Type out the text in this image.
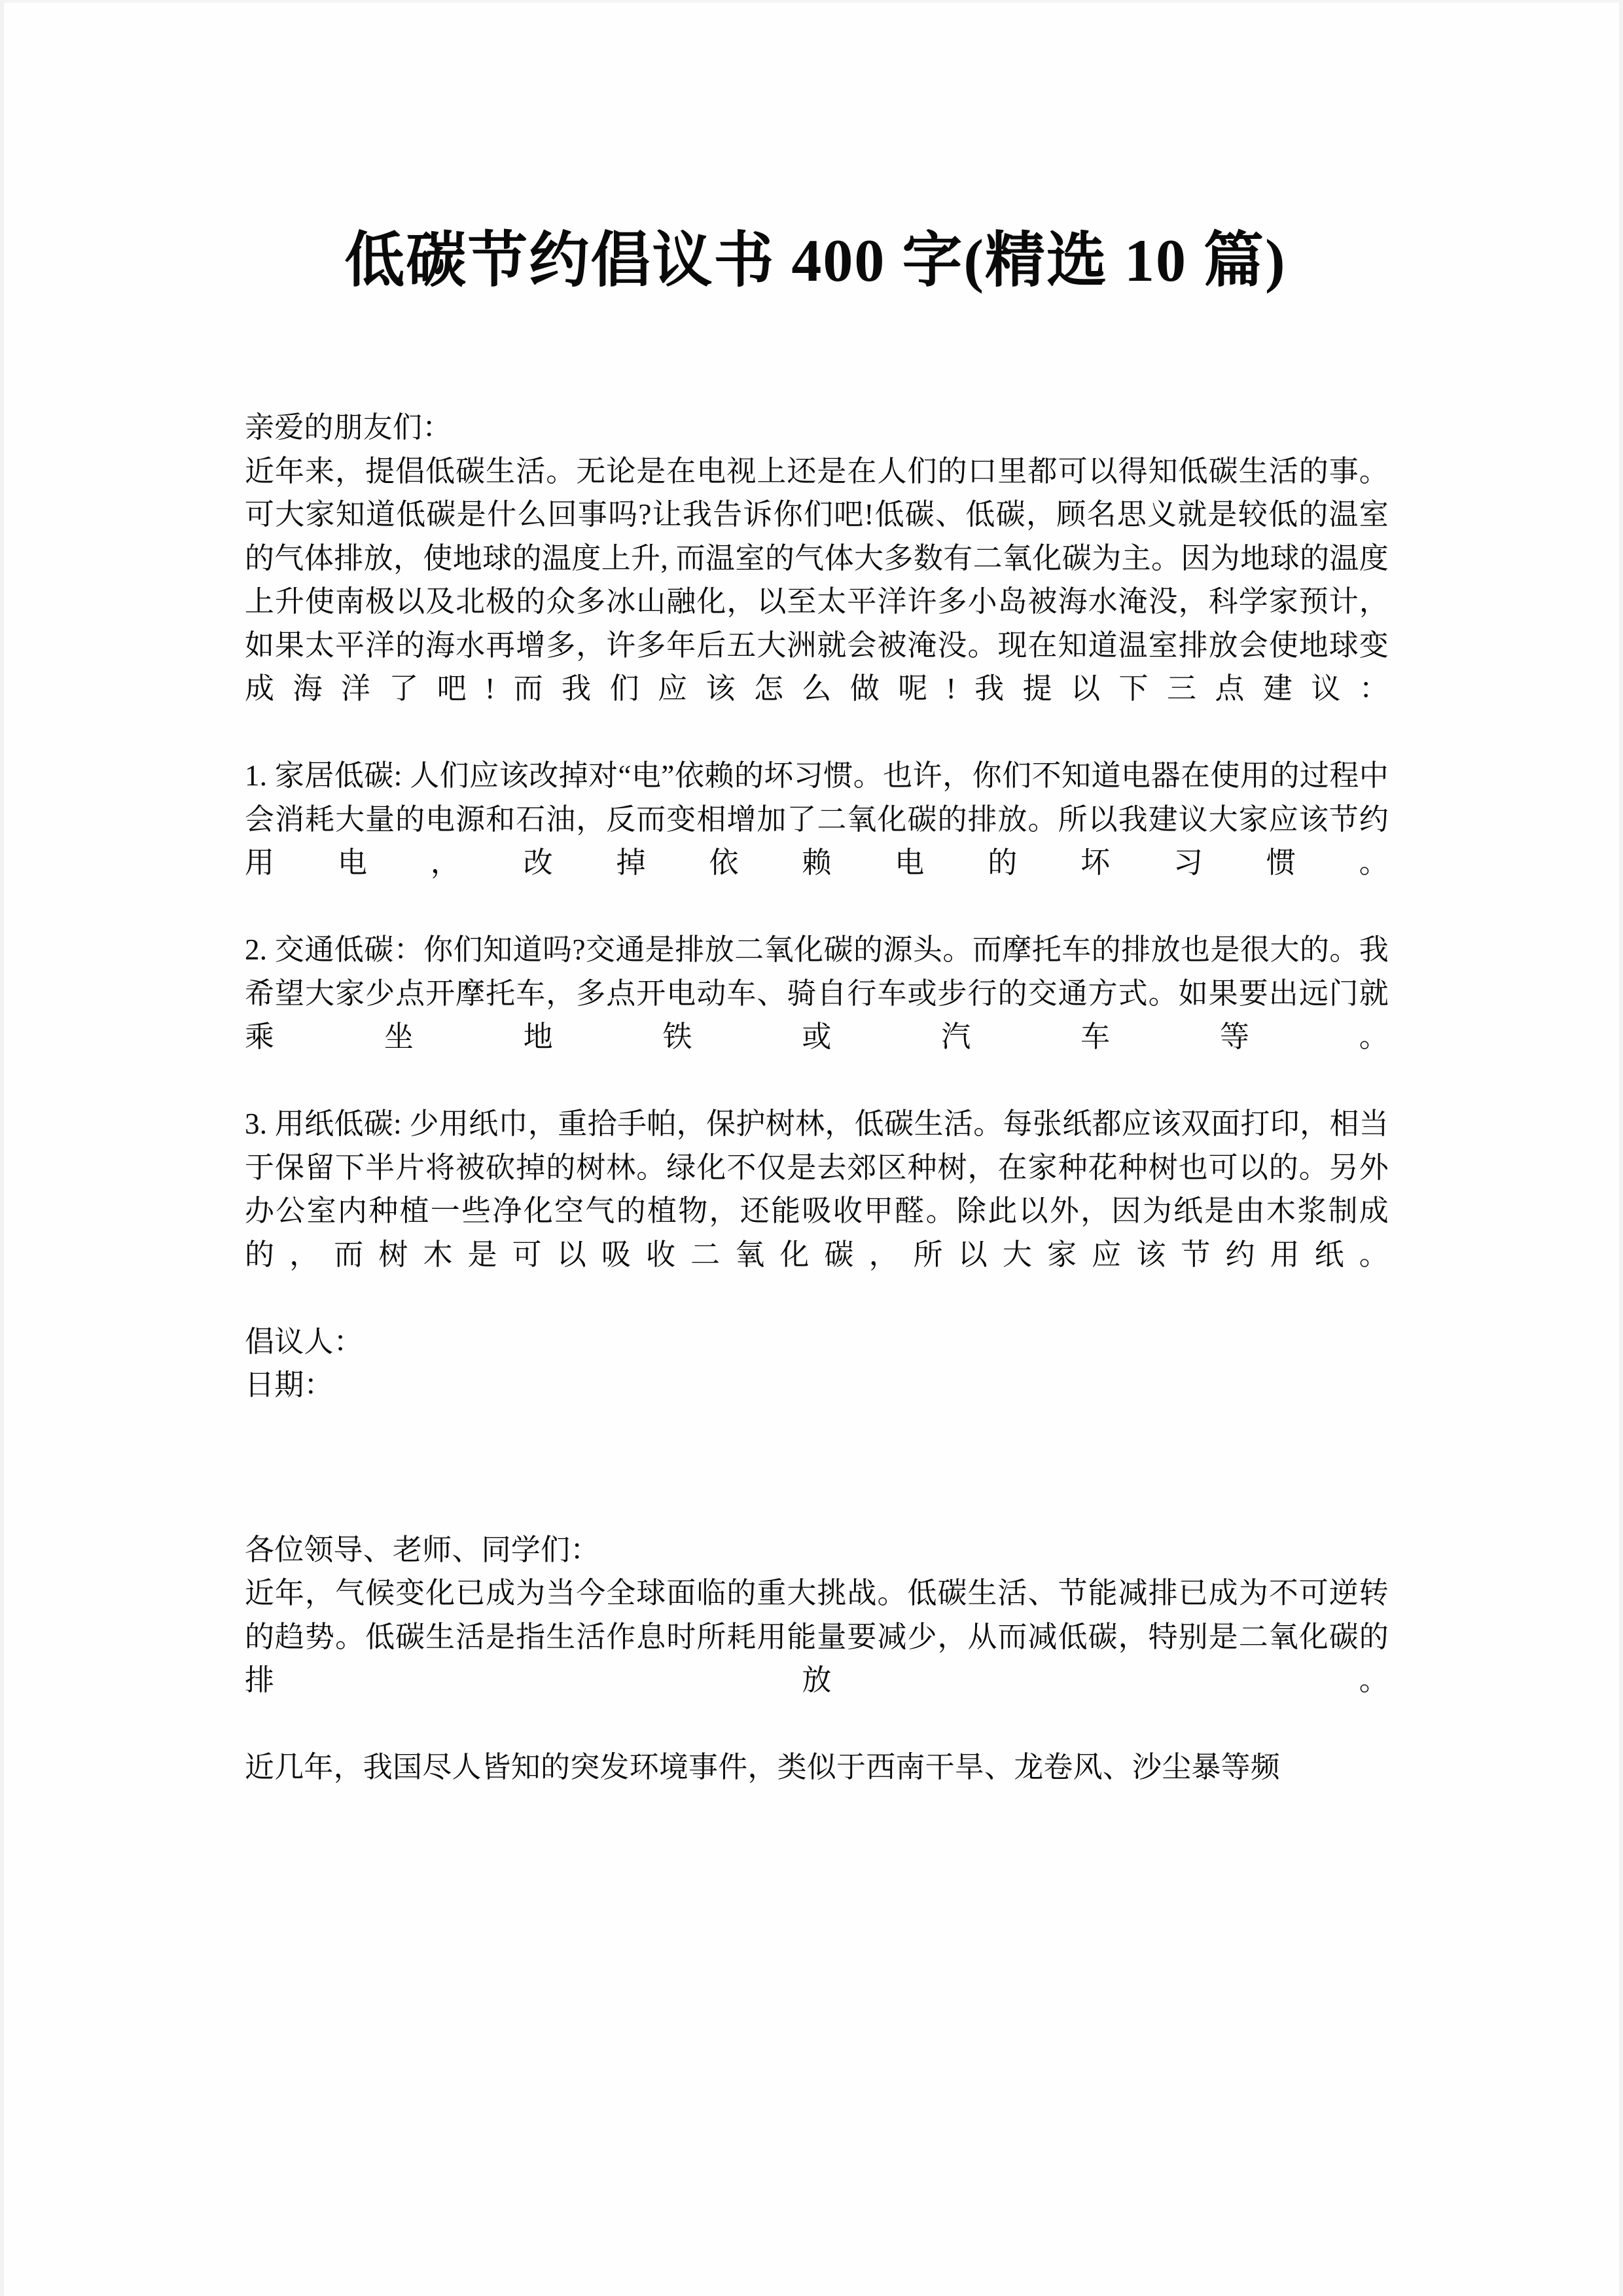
低碳节约倡议书 400 字(精选 10 篇)
亲爱的朋友们：
近年来，提倡低碳生活。无论是在电视上还是在人们的口里都可以得知低碳生活的事。可大家知道低碳是什么回事吗?让我告诉你们吧!低碳、低碳，顾名思义就是较低的温室的气体排放，使地球的温度上升, 而温室的气体大多数有二氧化碳为主。因为地球的温度上升使南极以及北极的众多冰山融化，以至太平洋许多小岛被海水淹没，科学家预计，如果太平洋的海水再增多，许多年后五大洲就会被淹没。现在知道温室排放会使地球变成海洋了吧!而我们应该怎么做呢!我提以下三点建议：
1. 家居低碳: 人们应该改掉对“电”依赖的坏习惯。也许，你们不知道电器在使用的过程中会消耗大量的电源和石油，反而变相增加了二氧化碳的排放。所以我建议大家应该节约用电，改掉依赖电的坏习惯。
2. 交通低碳：你们知道吗?交通是排放二氧化碳的源头。而摩托车的排放也是很大的。我希望大家少点开摩托车，多点开电动车、骑自行车或步行的交通方式。如果要出远门就乘坐地铁或汽车等。
3. 用纸低碳: 少用纸巾，重拾手帕，保护树林，低碳生活。每张纸都应该双面打印，相当于保留下半片将被砍掉的树林。绿化不仅是去郊区种树，在家种花种树也可以的。另外办公室内种植一些净化空气的植物，还能吸收甲醛。除此以外，因为纸是由木浆制成的，而树木是可以吸收二氧化碳，所以大家应该节约用纸。
倡议人：
日期：
各位领导、老师、同学们：
近年，气候变化已成为当今全球面临的重大挑战。低碳生活、节能减排已成为不可逆转的趋势。低碳生活是指生活作息时所耗用能量要减少，从而减低碳，特别是二氧化碳的排放。
近几年，我国尽人皆知的突发环境事件，类似于西南干旱、龙卷风、沙尘暴等频
